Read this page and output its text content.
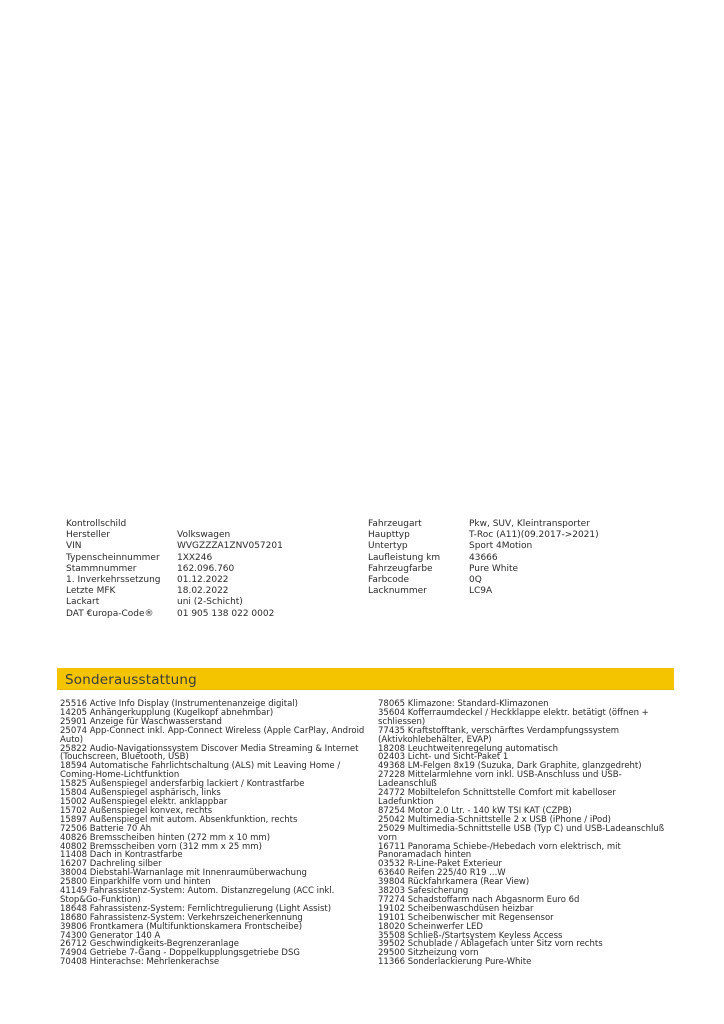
Kontrollschild
Hersteller	Volkswagen
VIN	WVGZZZA1ZNV057201
Typenscheinnummer	1XX246
Stammnummer	162.096.760
1. Inverkehrssetzung	01.12.2022
Letzte MFK	18.02.2022
Lackart	uni (2-Schicht)
DAT €uropa-Code®	01 905 138 022 0002
Fahrzeugart	Pkw, SUV, Kleintransporter
Haupttyp	T-Roc (A11)(09.2017->2021)
Untertyp	Sport 4Motion
Laufleistung km	43666
Fahrzeugfarbe	Pure White
Farbcode	0Q
Lacknummer	LC9A
Sonderausstattung
25516 Active Info Display (Instrumentenanzeige digital)
14205 Anhängerkupplung (Kugelkopf abnehmbar)
25901 Anzeige für Waschwasserstand
25074 App-Connect inkl. App-Connect Wireless (Apple CarPlay, Android Auto)
25822 Audio-Navigationssystem Discover Media Streaming & Internet (Touchscreen, Bluetooth, USB)
18594 Automatische Fahrlichtschaltung (ALS) mit Leaving Home / Coming-Home-Lichtfunktion
15825 Außenspiegel andersfarbig lackiert / Kontrastfarbe
15804 Außenspiegel asphärisch, links
15002 Außenspiegel elektr. anklappbar
15702 Außenspiegel konvex, rechts
15897 Außenspiegel mit autom. Absenkfunktion, rechts
72506 Batterie 70 Ah
40826 Bremsscheiben hinten (272 mm x 10 mm)
40802 Bremsscheiben vorn (312 mm x 25 mm)
11408 Dach in Kontrastfarbe
16207 Dachreling silber
38004 Diebstahl-Warnanlage mit Innenraumüberwachung
25800 Einparkhilfe vorn und hinten
41149 Fahrassistenz-System: Autom. Distanzregelung (ACC inkl. Stop&Go-Funktion)
18648 Fahrassistenz-System: Fernlichtregulierung (Light Assist)
18680 Fahrassistenz-System: Verkehrszeichenerkennung
39806 Frontkamera (Multifunktionskamera Frontscheibe)
74300 Generator 140 A
26712 Geschwindigkeits-Begrenzeranlage
74904 Getriebe 7-Gang - Doppelkupplungsgetriebe DSG
70408 Hinterachse: Mehrlenkerachse
78065 Klimazone: Standard-Klimazonen
35604 Kofferraumdeckel / Heckklappe elektr. betätigt (öffnen + schliessen)
77435 Kraftstofftank, verschärftes Verdampfungssystem (Aktivkohlebehälter, EVAP)
18208 Leuchtweitenregelung automatisch
02403 Licht- und Sicht-Paket 1
49368 LM-Felgen 8x19 (Suzuka, Dark Graphite, glanzgedreht)
27228 Mittelarmlehne vorn inkl. USB-Anschluss und USB-Ladeanschluß
24772 Mobiltelefon Schnittstelle Comfort mit kabelloser Ladefunktion
87254 Motor 2.0 Ltr. - 140 kW TSI KAT (CZPB)
25042 Multimedia-Schnittstelle 2 x USB (iPhone / iPod)
25029 Multimedia-Schnittstelle USB (Typ C) und USB-Ladeanschluß vorn
16711 Panorama Schiebe-/Hebedach vorn elektrisch, mit Panoramadach hinten
03532 R-Line-Paket Exterieur
63640 Reifen 225/40 R19 ...W
39804 Rückfahrkamera (Rear View)
38203 Safesicherung
77274 Schadstoffarm nach Abgasnorm Euro 6d
19102 Scheibenwaschdüsen heizbar
19101 Scheibenwischer mit Regensensor
18020 Scheinwerfer LED
35508 Schließ-/Startsystem Keyless Access
39502 Schublade / Ablagefach unter Sitz vorn rechts
29500 Sitzheizung vorn
11366 Sonderlackierung Pure-White
